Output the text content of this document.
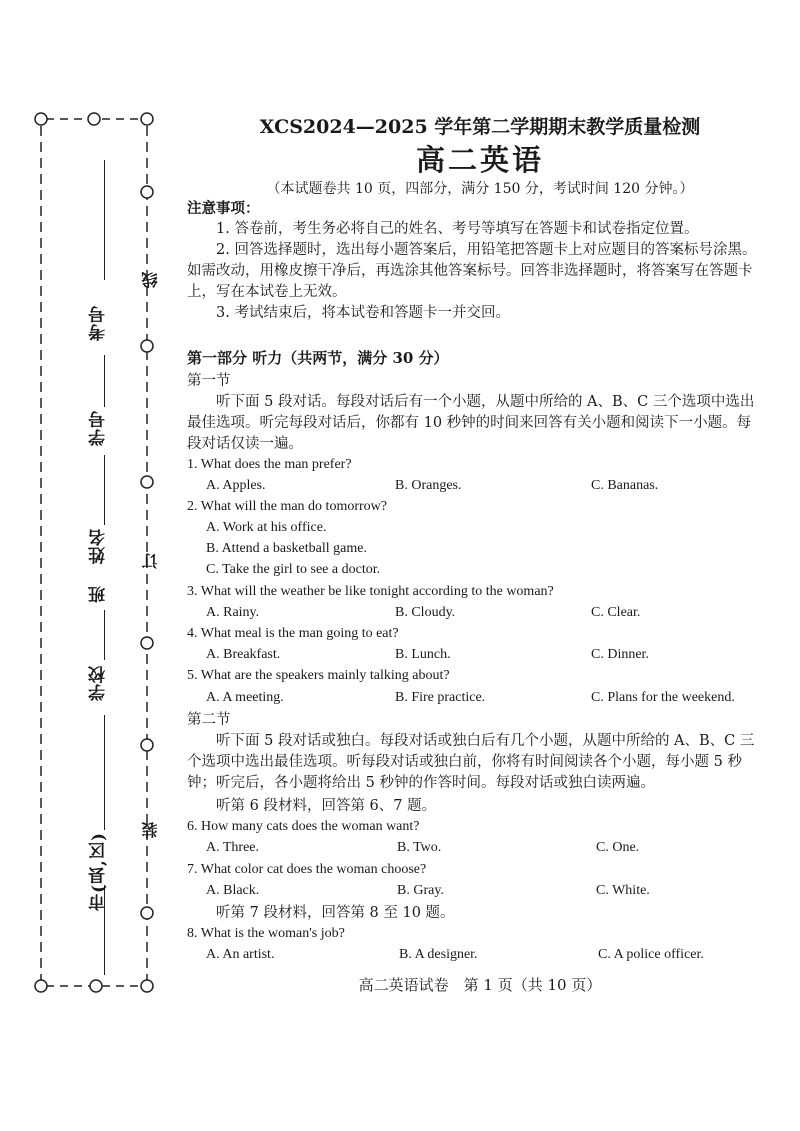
市(县,区)
学校
班
姓名
学号
考号
装
订
线
XCS2024—2025 学年第二学期期末教学质量检测
高二英语
（本试题卷共 10 页，四部分，满分 150 分，考试时间 120 分钟。）
注意事项：
1. 答卷前，考生务必将自己的姓名、考号等填写在答题卡和试卷指定位置。
2. 回答选择题时，选出每小题答案后，用铅笔把答题卡上对应题目的答案标号涂黑。如需改动，用橡皮擦干净后，再选涂其他答案标号。回答非选择题时，将答案写在答题卡上，写在本试卷上无效。
3. 考试结束后，将本试卷和答题卡一并交回。
第一部分 听力（共两节，满分 30 分）
第一节
听下面 5 段对话。每段对话后有一个小题，从题中所给的 A、B、C 三个选项中选出最佳选项。听完每段对话后，你都有 10 秒钟的时间来回答有关小题和阅读下一小题。每段对话仅读一遍。
1. What does the man prefer?
A. Apples.	B. Oranges.	C. Bananas.
2. What will the man do tomorrow?
A. Work at his office.
B. Attend a basketball game.
C. Take the girl to see a doctor.
3. What will the weather be like tonight according to the woman?
A. Rainy.	B. Cloudy.	C. Clear.
4. What meal is the man going to eat?
A. Breakfast.	B. Lunch.	C. Dinner.
5. What are the speakers mainly talking about?
A. A meeting.	B. Fire practice.	C. Plans for the weekend.
第二节
听下面 5 段对话或独白。每段对话或独白后有几个小题，从题中所给的 A、B、C 三个选项中选出最佳选项。听每段对话或独白前，你将有时间阅读各个小题，每小题 5 秒钟；听完后，各小题将给出 5 秒钟的作答时间。每段对话或独白读两遍。
听第 6 段材料，回答第 6、7 题。
6. How many cats does the woman want?
A. Three.	B. Two.	C. One.
7. What color cat does the woman choose?
A. Black.	B. Gray.	C. White.
听第 7 段材料，回答第 8 至 10 题。
8. What is the woman's job?
A. An artist.	B. A designer.	C. A police officer.
高二英语试卷　第 1 页（共 10 页）
